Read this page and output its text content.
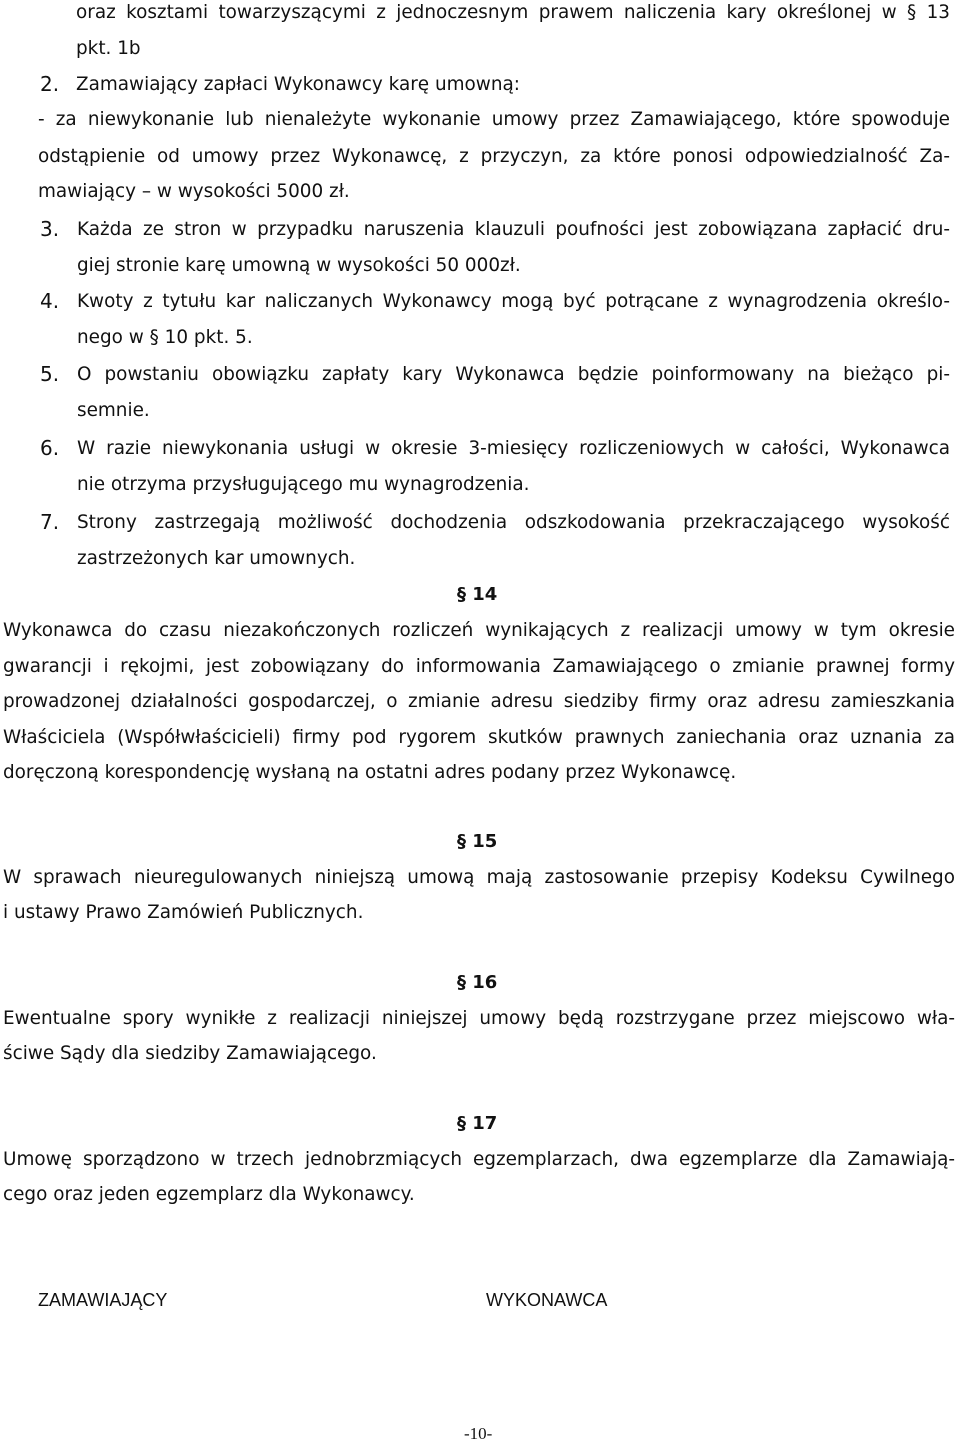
oraz kosztami towarzyszącymi z jednoczesnym prawem naliczenia kary określonej w § 13
pkt. 1b
2. Zamawiający zapłaci Wykonawcy karę umowną:
- za niewykonanie lub nienależyte wykonanie umowy przez Zamawiającego, które spowoduje
odstąpienie od umowy przez Wykonawcę, z przyczyn, za które ponosi odpowiedzialność Za-
mawiający – w wysokości 5000 zł.
3. Każda ze stron w przypadku naruszenia klauzuli poufności jest zobowiązana zapłacić dru-
giej stronie karę umowną w wysokości 50 000zł.
4. Kwoty z tytułu kar naliczanych Wykonawcy mogą być potrącane z wynagrodzenia określo-
nego w § 10 pkt. 5.
5. O powstaniu obowiązku zapłaty kary Wykonawca będzie poinformowany na bieżąco pi-
semnie.
6. W razie niewykonania usługi w okresie 3-miesięcy rozliczeniowych w całości, Wykonawca
nie otrzyma przysługującego mu wynagrodzenia.
7. Strony zastrzegają możliwość dochodzenia odszkodowania przekraczającego wysokość
zastrzeżonych kar umownych.
§ 14
Wykonawca do czasu niezakończonych rozliczeń wynikających z realizacji umowy w tym okresie
gwarancji i rękojmi, jest zobowiązany do informowania Zamawiającego o zmianie prawnej formy
prowadzonej działalności gospodarczej, o zmianie adresu siedziby firmy oraz adresu zamieszkania
Właściciela (Współwłaścicieli) firmy pod rygorem skutków prawnych zaniechania oraz uznania za
doręczoną korespondencję wysłaną na ostatni adres podany przez Wykonawcę.
§ 15
W sprawach nieuregulowanych niniejszą umową mają zastosowanie przepisy Kodeksu Cywilnego
i ustawy Prawo Zamówień Publicznych.
§ 16
Ewentualne spory wynikłe z realizacji niniejszej umowy będą rozstrzygane przez miejscowo wła-
ściwe Sądy dla siedziby Zamawiającego.
§ 17
Umowę sporządzono w trzech jednobrzmiących egzemplarzach, dwa egzemplarze dla Zamawiają-
cego oraz jeden egzemplarz dla Wykonawcy.
ZAMAWIAJĄCY	WYKONAWCA
-10-
